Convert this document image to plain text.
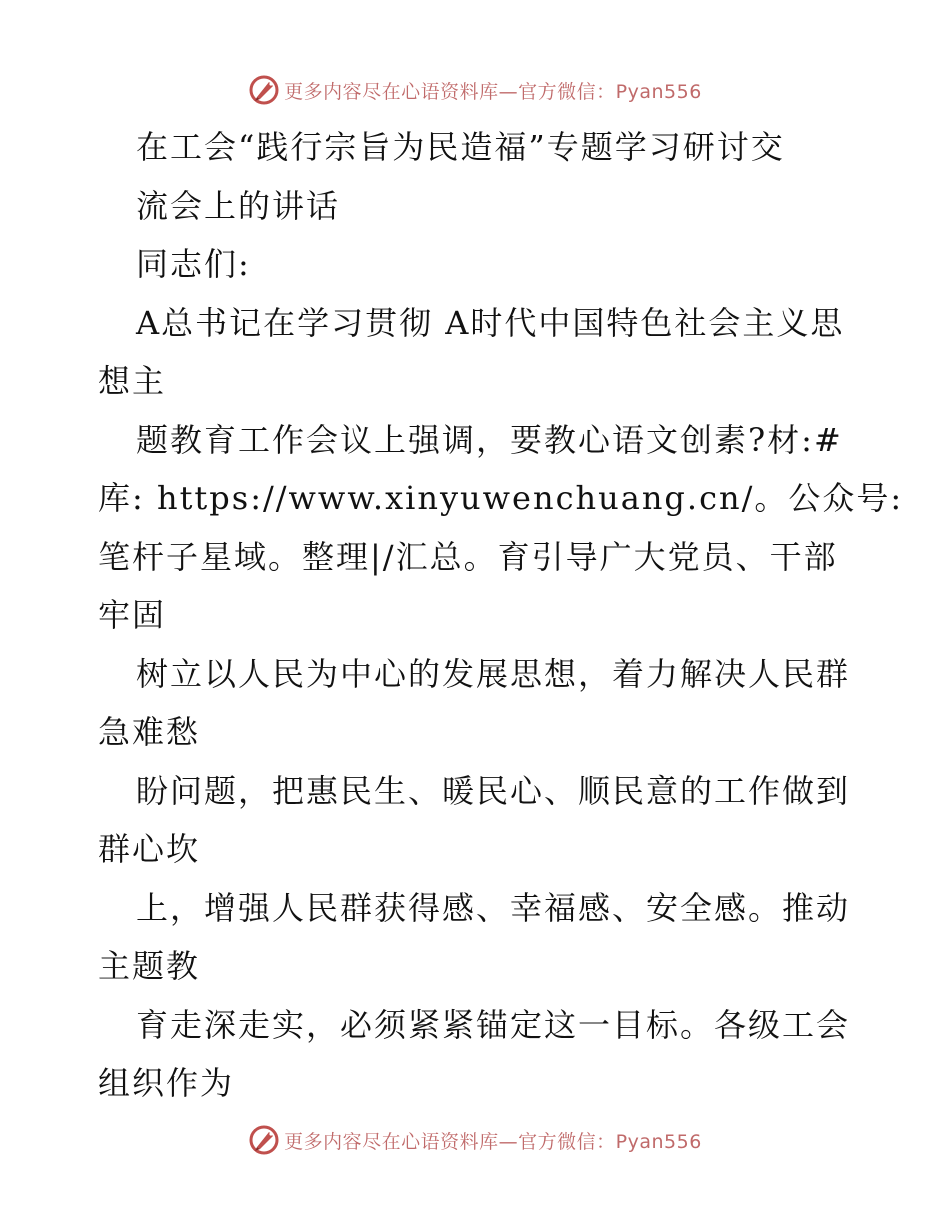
更多内容尽在心语资料库—官方微信：Pyan556

在工会“践行宗旨为民造福”专题学习研讨交

流会上的讲话

同志们:

A总书记在学习贯彻 A时代中国特色社会主义思

想主

题教育工作会议上强调，要教心语文创素?材:#

库: https://www.xinyuwenchuang.cn/。公众号:

笔杆子星域。整理|/汇总。育引导广大党员、干部

牢固

树立以人民为中心的发展思想，着力解决人民群

急难愁

盼问题，把惠民生、暖民心、顺民意的工作做到

群心坎

上，增强人民群获得感、幸福感、安全感。推动

主题教

育走深走实，必须紧紧锚定这一目标。各级工会

组织作为

更多内容尽在心语资料库—官方微信：Pyan556
